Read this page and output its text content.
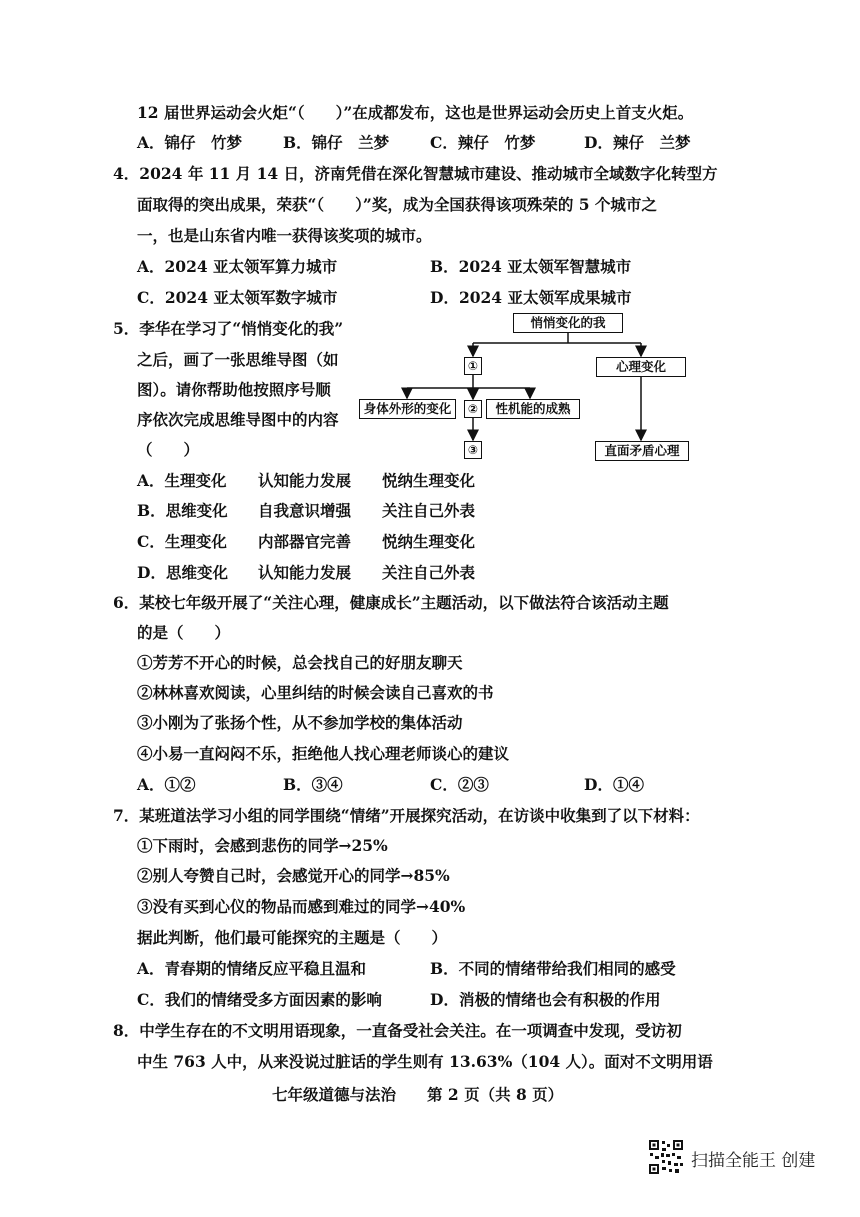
12 届世界运动会火炬“（　　）”在成都发布，这也是世界运动会历史上首支火炬。
A．锦仔　竹梦	B．锦仔　兰梦	C．辣仔　竹梦	D．辣仔　兰梦
4．2024 年 11 月 14 日，济南凭借在深化智慧城市建设、推动城市全域数字化转型方
面取得的突出成果，荣获“（　　）”奖，成为全国获得该项殊荣的 5 个城市之
一，也是山东省内唯一获得该奖项的城市。
A．2024 亚太领军算力城市	B．2024 亚太领军智慧城市
C．2024 亚太领军数字城市	D．2024 亚太领军成果城市
5．李华在学习了“悄悄变化的我”
之后，画了一张思维导图（如
图）。请你帮助他按照序号顺
序依次完成思维导图中的内容
（　　）
悄悄变化的我
①	心理变化
身体外形的变化	②	性机能的成熟
③	直面矛盾心理
A．生理变化 认知能力发展 悦纳生理变化
B．思维变化 自我意识增强 关注自己外表
C．生理变化 内部器官完善 悦纳生理变化
D．思维变化 认知能力发展 关注自己外表
6．某校七年级开展了“关注心理，健康成长”主题活动，以下做法符合该活动主题
的是（　　）
①芳芳不开心的时候，总会找自己的好朋友聊天
②林林喜欢阅读，心里纠结的时候会读自己喜欢的书
③小刚为了张扬个性，从不参加学校的集体活动
④小易一直闷闷不乐，拒绝他人找心理老师谈心的建议
A．①②	B．③④	C．②③	D．①④
7．某班道法学习小组的同学围绕“情绪”开展探究活动，在访谈中收集到了以下材料：
①下雨时，会感到悲伤的同学→25%
②别人夸赞自己时，会感觉开心的同学→85%
③没有买到心仪的物品而感到难过的同学→40%
据此判断，他们最可能探究的主题是（　　）
A．青春期的情绪反应平稳且温和	B．不同的情绪带给我们相同的感受
C．我们的情绪受多方面因素的影响	D．消极的情绪也会有积极的作用
8．中学生存在的不文明用语现象，一直备受社会关注。在一项调查中发现，受访初
中生 763 人中，从来没说过脏话的学生则有 13.63%（104 人）。面对不文明用语
七年级道德与法治　　第 2 页（共 8 页）
扫描全能王 创建
